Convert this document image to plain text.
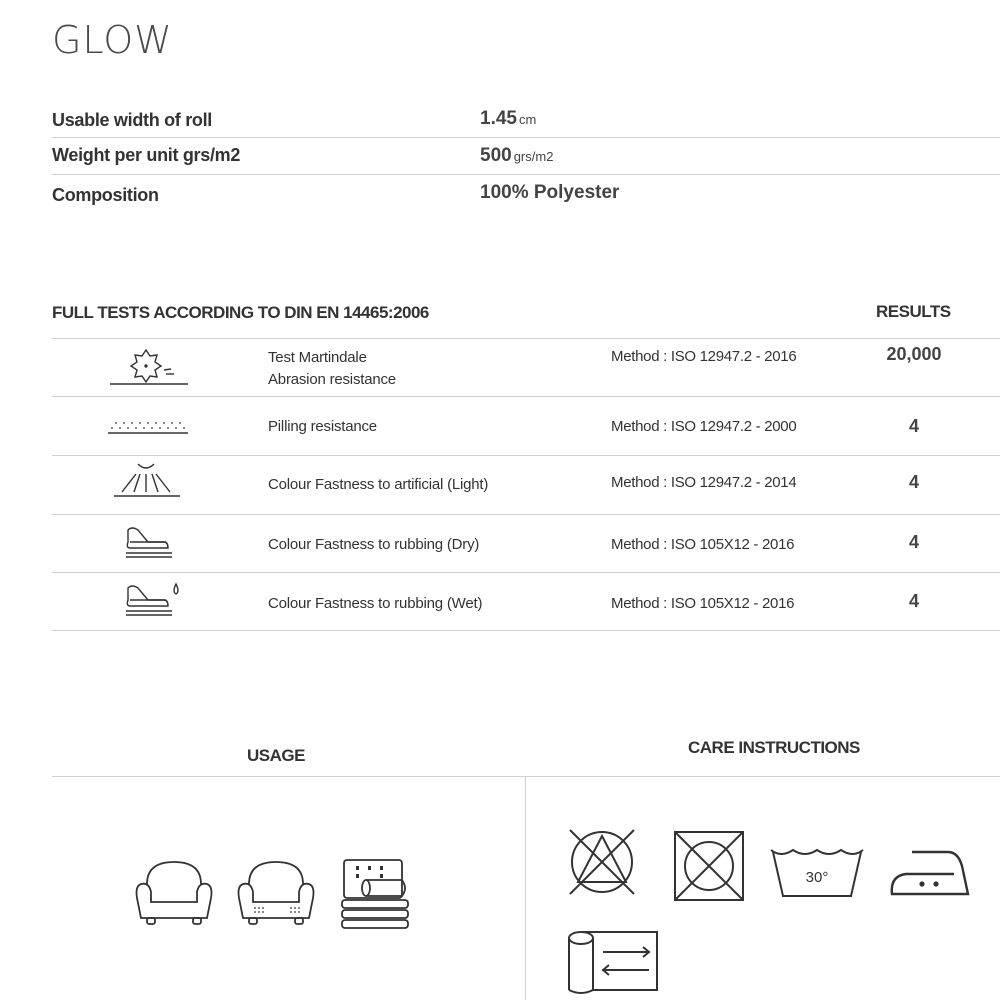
GLOW
Usable width of roll	1.45 cm
Weight per unit grs/m2	500 grs/m2
Composition	100% Polyester
FULL TESTS ACCORDING TO DIN EN 14465:2006	RESULTS
Test Martindale
Abrasion resistance
Method : ISO 12947.2 - 2016	20,000
Pilling resistance	Method : ISO 12947.2 - 2000	4
Colour Fastness to artificial (Light)	Method : ISO 12947.2 - 2014	4
Colour Fastness to rubbing (Dry)	Method : ISO 105X12 - 2016	4
Colour Fastness to rubbing (Wet)	Method : ISO 105X12 - 2016	4
USAGE	CARE INSTRUCTIONS
30°
